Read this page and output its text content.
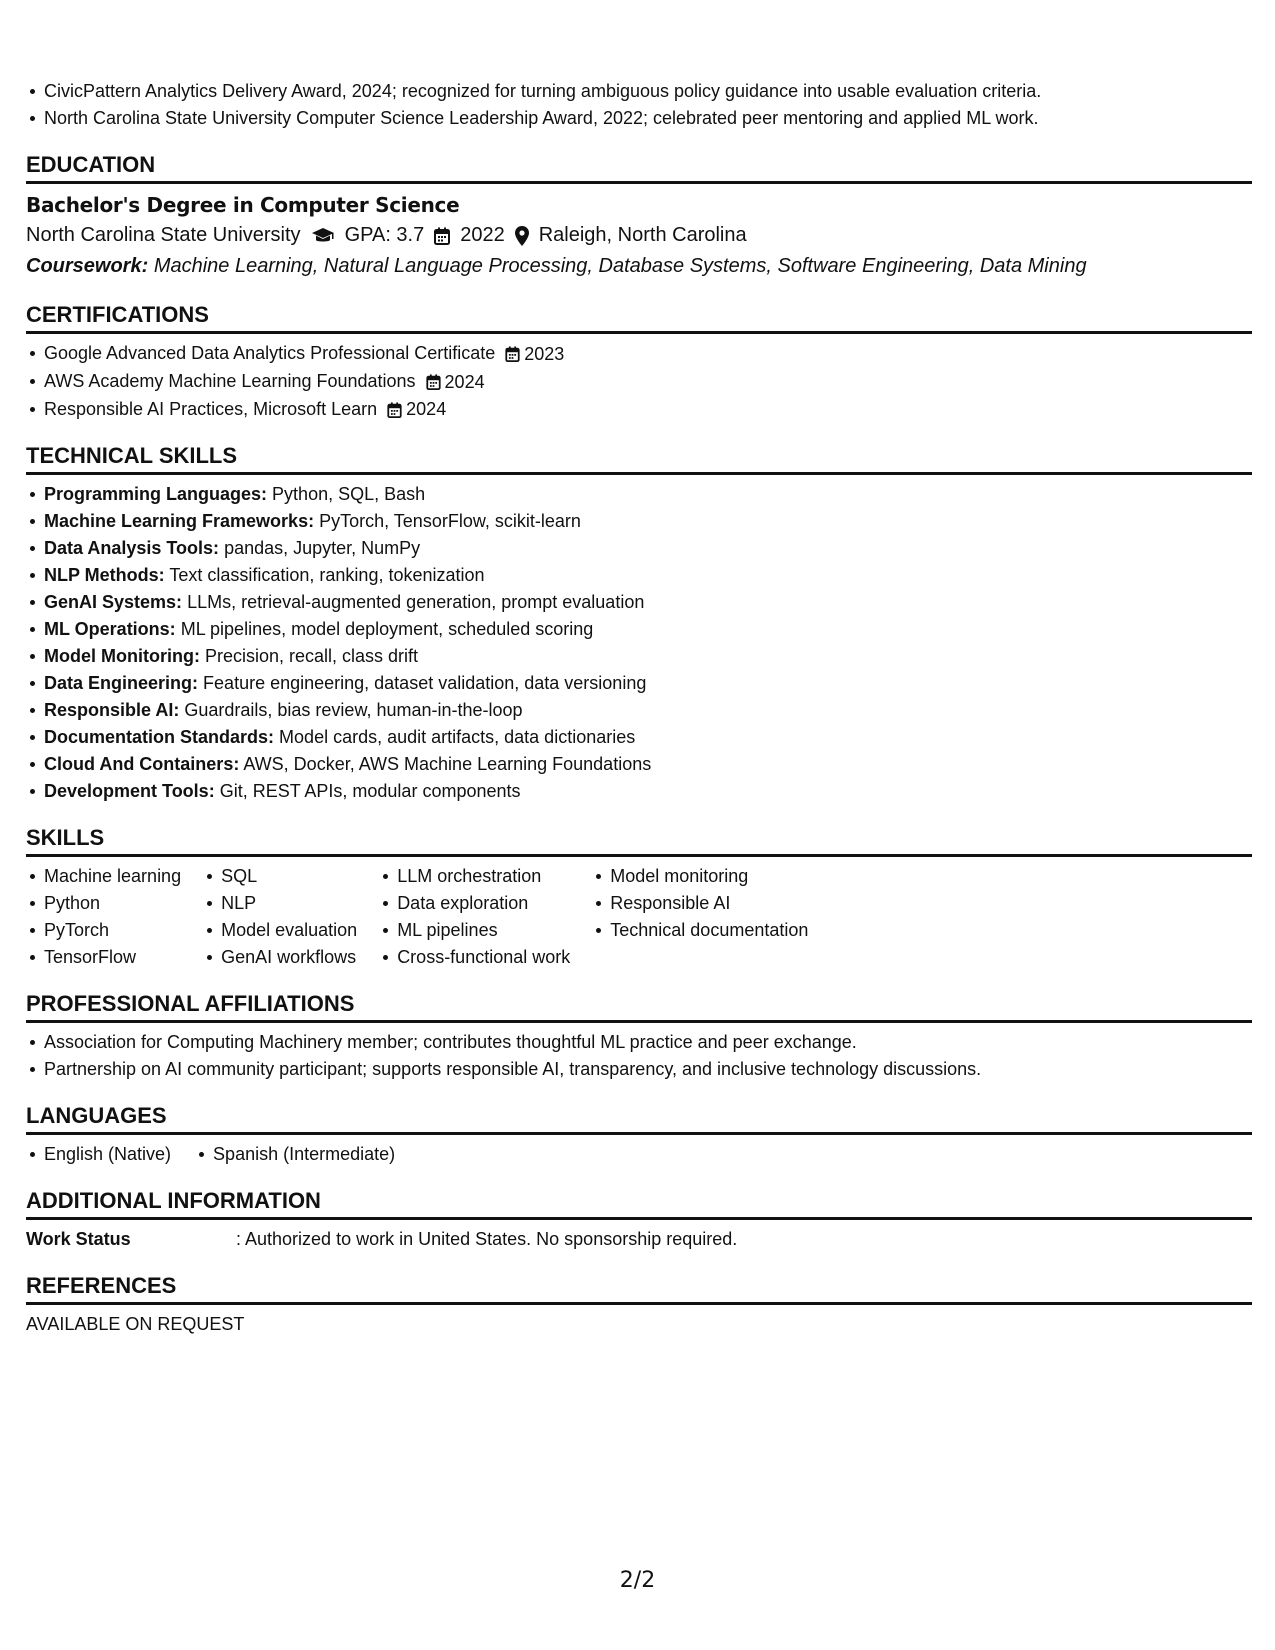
CivicPattern Analytics Delivery Award, 2024; recognized for turning ambiguous policy guidance into usable evaluation criteria.
North Carolina State University Computer Science Leadership Award, 2022; celebrated peer mentoring and applied ML work.
EDUCATION
Bachelor's Degree in Computer Science
North Carolina State University GPA: 3.7 2022 Raleigh, North Carolina
Coursework: Machine Learning, Natural Language Processing, Database Systems, Software Engineering, Data Mining
CERTIFICATIONS
Google Advanced Data Analytics Professional Certificate 2023
AWS Academy Machine Learning Foundations 2024
Responsible AI Practices, Microsoft Learn 2024
TECHNICAL SKILLS
Programming Languages: Python, SQL, Bash
Machine Learning Frameworks: PyTorch, TensorFlow, scikit-learn
Data Analysis Tools: pandas, Jupyter, NumPy
NLP Methods: Text classification, ranking, tokenization
GenAI Systems: LLMs, retrieval-augmented generation, prompt evaluation
ML Operations: ML pipelines, model deployment, scheduled scoring
Model Monitoring: Precision, recall, class drift
Data Engineering: Feature engineering, dataset validation, data versioning
Responsible AI: Guardrails, bias review, human-in-the-loop
Documentation Standards: Model cards, audit artifacts, data dictionaries
Cloud And Containers: AWS, Docker, AWS Machine Learning Foundations
Development Tools: Git, REST APIs, modular components
SKILLS
Machine learning
Python
PyTorch
TensorFlow
SQL
NLP
Model evaluation
GenAI workflows
LLM orchestration
Data exploration
ML pipelines
Cross-functional work
Model monitoring
Responsible AI
Technical documentation
PROFESSIONAL AFFILIATIONS
Association for Computing Machinery member; contributes thoughtful ML practice and peer exchange.
Partnership on AI community participant; supports responsible AI, transparency, and inclusive technology discussions.
LANGUAGES
English (Native) Spanish (Intermediate)
ADDITIONAL INFORMATION
Work Status	: Authorized to work in United States. No sponsorship required.
REFERENCES
AVAILABLE ON REQUEST
2/2
